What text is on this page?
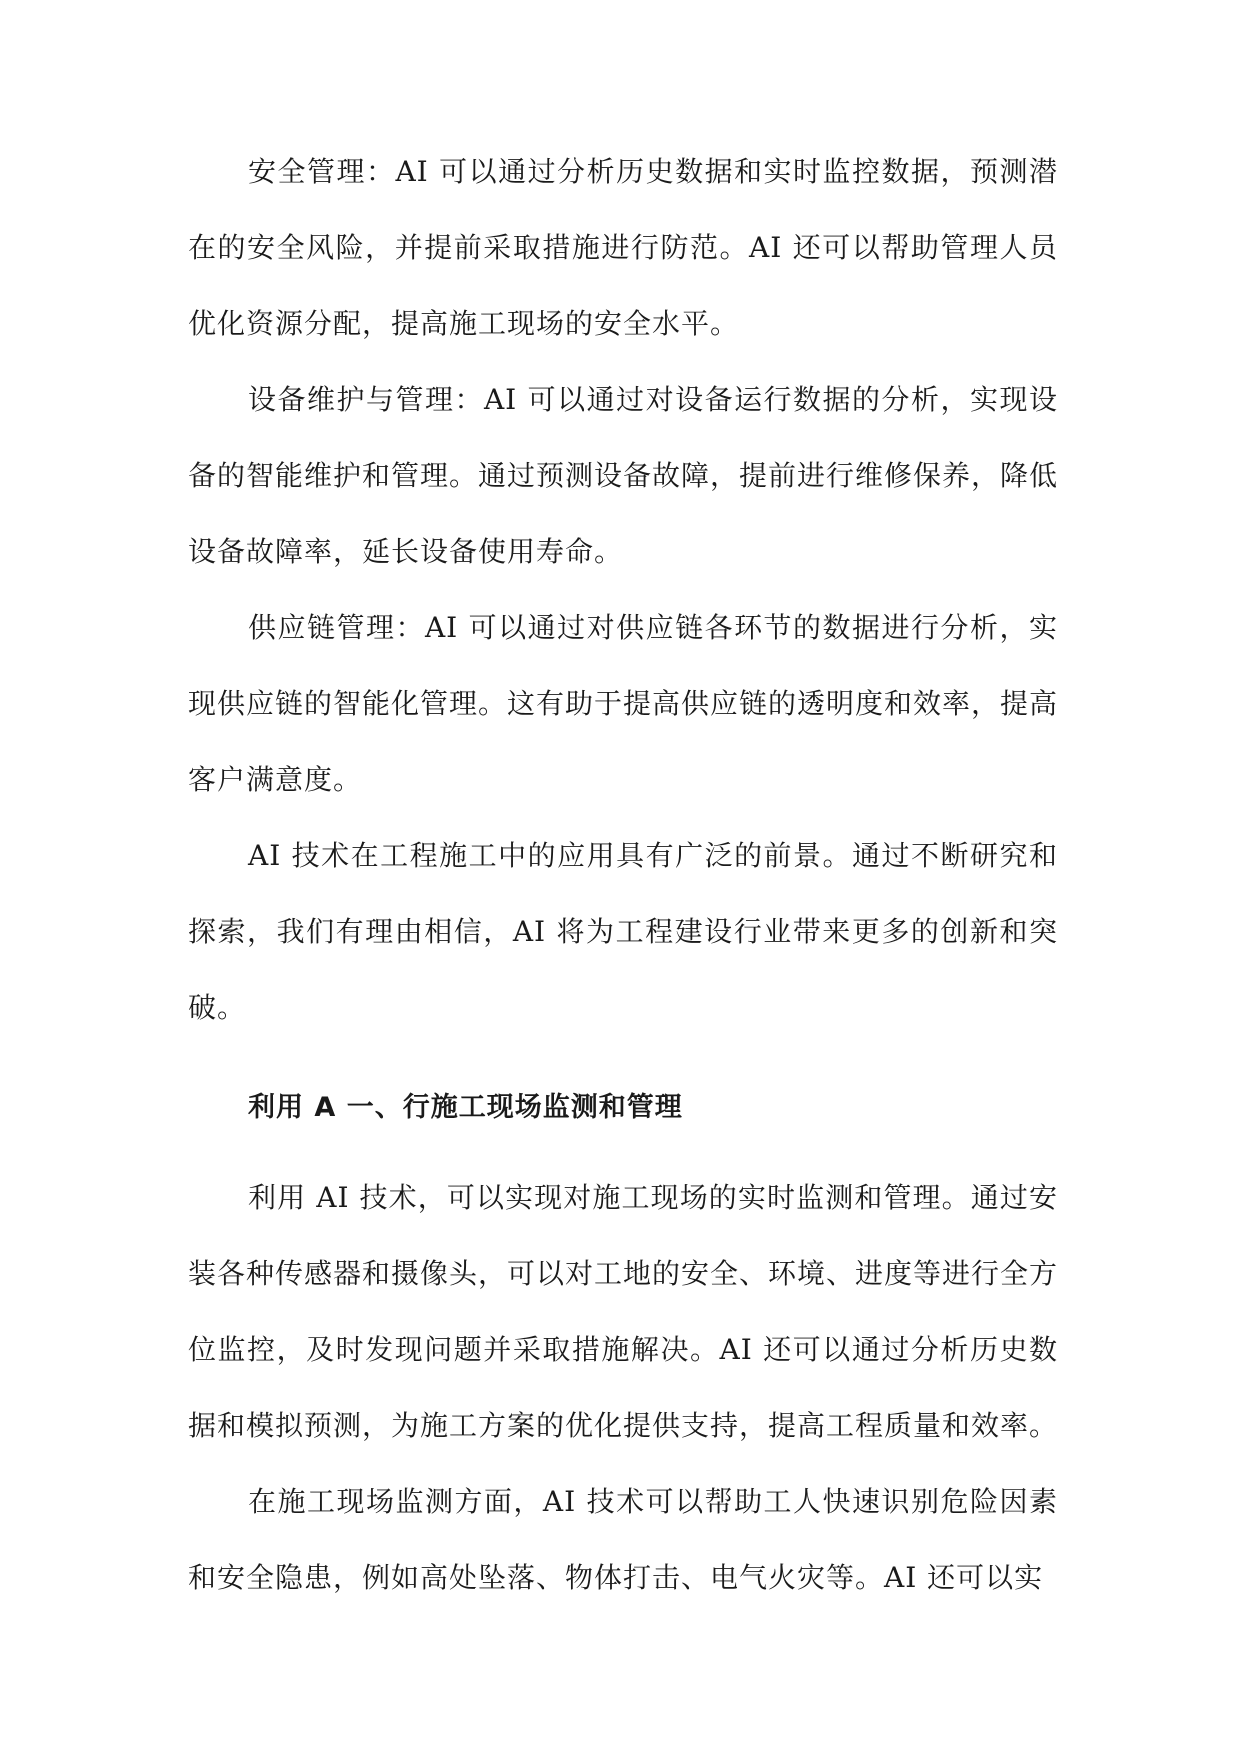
安全管理：AI 可以通过分析历史数据和实时监控数据，预测潜在的安全风险，并提前采取措施进行防范。AI 还可以帮助管理人员优化资源分配，提高施工现场的安全水平。

设备维护与管理：AI 可以通过对设备运行数据的分析，实现设备的智能维护和管理。通过预测设备故障，提前进行维修保养，降低设备故障率，延长设备使用寿命。

供应链管理：AI 可以通过对供应链各环节的数据进行分析，实现供应链的智能化管理。这有助于提高供应链的透明度和效率，提高客户满意度。

AI 技术在工程施工中的应用具有广泛的前景。通过不断研究和探索，我们有理由相信，AI 将为工程建设行业带来更多的创新和突破。

利用 A 一、行施工现场监测和管理

利用 AI 技术，可以实现对施工现场的实时监测和管理。通过安装各种传感器和摄像头，可以对工地的安全、环境、进度等进行全方位监控，及时发现问题并采取措施解决。AI 还可以通过分析历史数据和模拟预测，为施工方案的优化提供支持，提高工程质量和效率。

在施工现场监测方面，AI 技术可以帮助工人快速识别危险因素和安全隐患，例如高处坠落、物体打击、电气火灾等。AI 还可以实
